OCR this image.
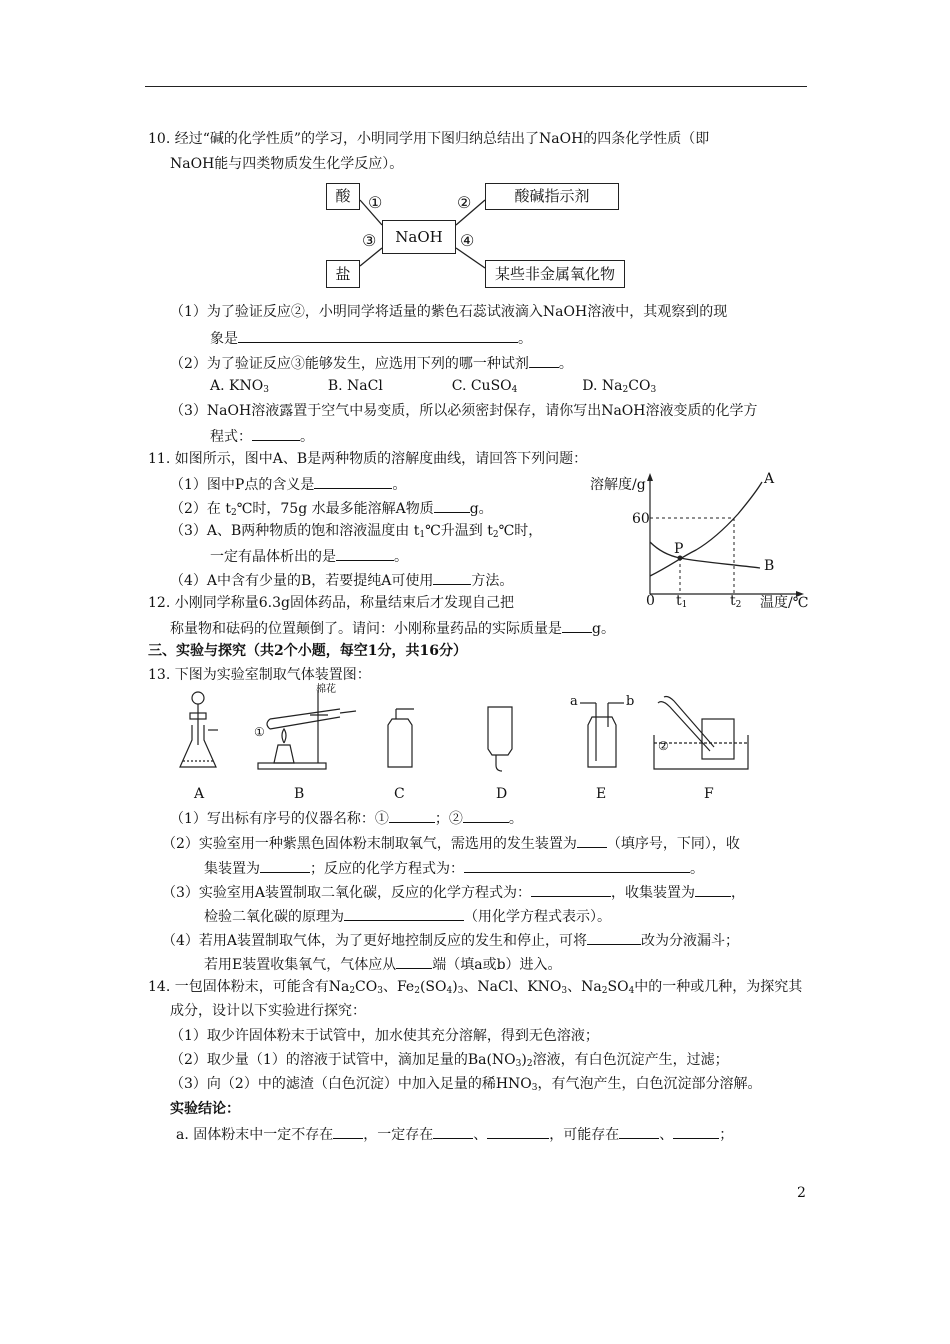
10. 经过“碱的化学性质”的学习，小明同学用下图归纳总结出了NaOH的四条化学性质（即
NaOH能与四类物质发生化学反应）。
酸	酸碱指示剂
NaOH
盐	某些非金属氧化物
①	②
③	④
（1）为了验证反应②，小明同学将适量的紫色石蕊试液滴入NaOH溶液中，其观察到的现
象是	。
（2）为了验证反应③能够发生，应选用下列的哪一种试剂 。
A. $KNO_3$	B. NaCl	C. CuSO$_4$	D. $Na_2CO_3$
（3）NaOH溶液露置于空气中易变质，所以必须密封保存，请你写出NaOH溶液变质的化学方
程式：	。
11. 如图所示，图中A、B是两种物质的溶解度曲线，请回答下列问题：
（1）图中P点的含义是	。
（2）在 $t_2℃$时，75g 水最多能溶解A物质	g。
（3）A、B两种物质的饱和溶液温度由 $t_1℃$升温到 $t_2℃$时，
一定有晶体析出的是	。
（4）A中含有少量的B，若要提纯A可使用	方法。
溶解度/g
60
P
A
B
0 $t_1$	$t_2$ 温度/℃
12. 小刚同学称量6.3g固体药品，称量结束后才发现自己把
称量物和砝码的位置颠倒了。请问：小刚称量药品的实际质量是 g。
三、实验与探究（共2个小题，每空1分，共16分）
13. 下图为实验室制取气体装置图：
棉花
①
②
a	b
A	B	C	D	E	F
（1）写出标有序号的仪器名称：①	；②	。
（2）实验室用一种紫黑色固体粉末制取氧气，需选用的发生装置为 （填序号，下同），收
集装置为	；反应的化学方程式为：	。
（3）实验室用A装置制取二氧化碳，反应的化学方程式为：	，收集装置为	，
检验二氧化碳的原理为	（用化学方程式表示）。
（4）若用A装置制取气体，为了更好地控制反应的发生和停止，可将	改为分液漏斗；
若用E装置收集氧气，气体应从	端（填a或b）进入。
14. 一包固体粉末，可能含有$Na_2CO_3$、$Fe_2(SO_4)_3$、NaCl、$KNO_3$、$Na_2SO_4$中的一种或几种，为探究其
成分，设计以下实验进行探究：
（1）取少许固体粉末于试管中，加水使其充分溶解，得到无色溶液；
（2）取少量（1）的溶液于试管中，滴加足量的$Ba(NO_3)_2$溶液，有白色沉淀产生，过滤；
（3）向（2）中的滤渣（白色沉淀）中加入足量的稀$HNO_3$，有气泡产生，白色沉淀部分溶解。
实验结论：
a. 固体粉末中一定不存在 ，一定存在	、	，可能存在	、	；
2
